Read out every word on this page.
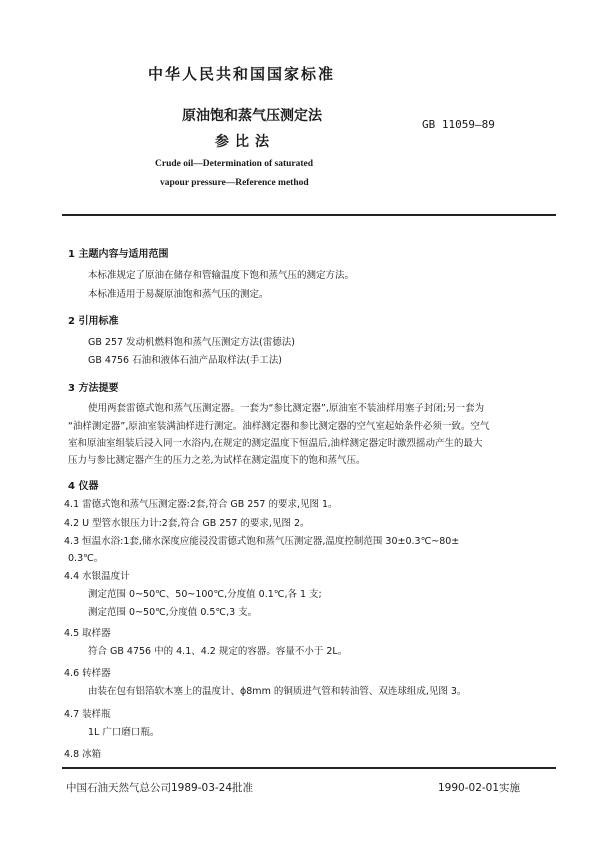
中华人民共和国国家标准
原油饱和蒸气压测定法
参比法
GB 11059—89
Crude oil—Determination of saturated
vapour pressure—Reference method
1 主题内容与适用范围
本标准规定了原油在储存和管输温度下饱和蒸气压的测定方法。
本标准适用于易凝原油饱和蒸气压的测定。
2 引用标准
GB 257 发动机燃料饱和蒸气压测定方法(雷德法)
GB 4756 石油和液体石油产品取样法(手工法)
3 方法提要
使用两套雷德式饱和蒸气压测定器。一套为“参比测定器”,原油室不装油样用塞子封闭;另一套为
“油样测定器”,原油室装满油样进行测定。油样测定器和参比测定器的空气室起始条件必须一致。空气
室和原油室组装后浸入同一水浴内,在规定的测定温度下恒温后,油样测定器定时激烈摇动产生的最大
压力与参比测定器产生的压力之差,为试样在测定温度下的饱和蒸气压。
4 仪器
4.1 雷德式饱和蒸气压测定器:2套,符合 GB 257 的要求,见图 1。
4.2 U 型管水银压力计:2套,符合 GB 257 的要求,见图 2。
4.3 恒温水浴:1套,储水深度应能浸没雷德式饱和蒸气压测定器,温度控制范围 30±0.3℃~80±
0.3℃。
4.4 水银温度计
测定范围 0~50℃、50~100℃,分度值 0.1℃,各 1 支;
测定范围 0~50℃,分度值 0.5℃,3 支。
4.5 取样器
符合 GB 4756 中的 4.1、4.2 规定的容器。容量不小于 2L。
4.6 转样器
由装在包有铝箔软木塞上的温度计、ϕ8mm 的铜质进气管和转油管、双连球组成,见图 3。
4.7 装样瓶
1L 广口磨口瓶。
4.8 冰箱
中国石油天然气总公司1989-03-24批准	1990-02-01实施
